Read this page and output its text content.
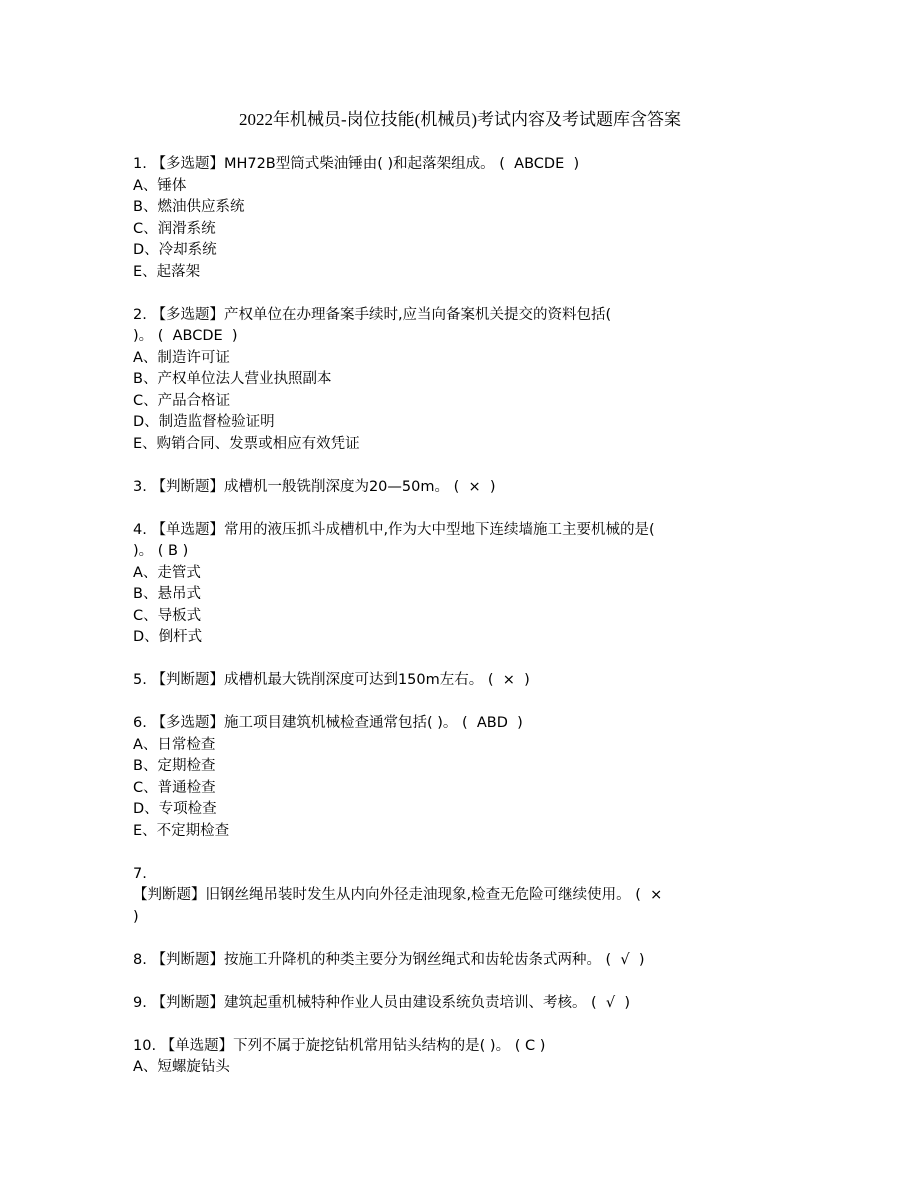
2022年机械员-岗位技能(机械员)考试内容及考试题库含答案
1. 【多选题】MH72B型筒式柴油锤由( )和起落架组成。 (  ABCDE  )
A、锤体
B、燃油供应系统
C、润滑系统
D、冷却系统
E、起落架
2. 【多选题】产权单位在办理备案手续时,应当向备案机关提交的资料包括(
)。 (  ABCDE  )
A、制造许可证
B、产权单位法人营业执照副本
C、产品合格证
D、制造监督检验证明
E、购销合同、发票或相应有效凭证
3. 【判断题】成槽机一般铣削深度为20—50m。 (  ×  )
4. 【单选题】常用的液压抓斗成槽机中,作为大中型地下连续墙施工主要机械的是(
)。 ( B )
A、走管式
B、悬吊式
C、导板式
D、倒杆式
5. 【判断题】成槽机最大铣削深度可达到150m左右。 (  ×  )
6. 【多选题】施工项目建筑机械检查通常包括( )。 (  ABD  )
A、日常检查
B、定期检查
C、普通检查
D、专项检查
E、不定期检查
7.
【判断题】旧钢丝绳吊装时发生从内向外径走油现象,检查无危险可继续使用。 (  ×
)
8. 【判断题】按施工升降机的种类主要分为钢丝绳式和齿轮齿条式两种。 (  √  )
9. 【判断题】建筑起重机械特种作业人员由建设系统负责培训、考核。 (  √  )
10. 【单选题】下列不属于旋挖钻机常用钻头结构的是( )。 ( C )
A、短螺旋钻头
